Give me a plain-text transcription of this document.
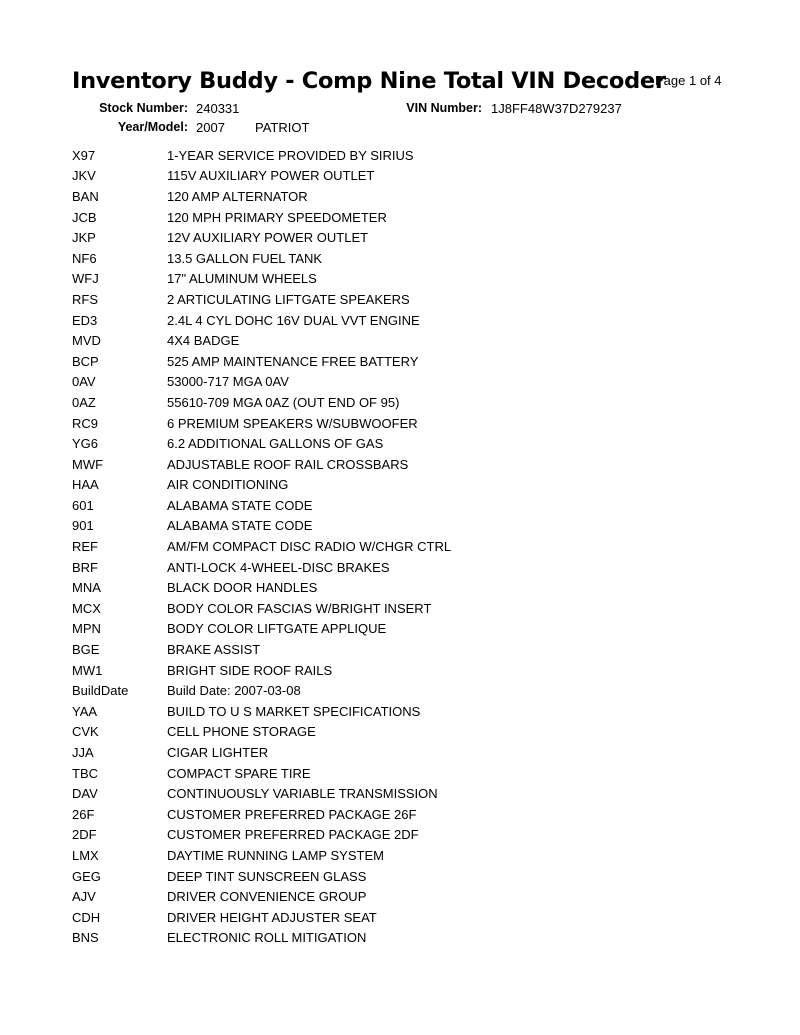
Inventory Buddy - Comp Nine Total VIN Decoder
Page 1 of 4
Stock Number: 240331	VIN Number: 1J8FF48W37D279237
Year/Model: 2007 PATRIOT
X97	1-YEAR SERVICE PROVIDED BY SIRIUS
JKV	115V AUXILIARY POWER OUTLET
BAN	120 AMP ALTERNATOR
JCB	120 MPH PRIMARY SPEEDOMETER
JKP	12V AUXILIARY POWER OUTLET
NF6	13.5 GALLON FUEL TANK
WFJ	17" ALUMINUM WHEELS
RFS	2 ARTICULATING LIFTGATE SPEAKERS
ED3	2.4L 4 CYL DOHC 16V DUAL VVT ENGINE
MVD	4X4 BADGE
BCP	525 AMP MAINTENANCE FREE BATTERY
0AV	53000-717 MGA 0AV
0AZ	55610-709 MGA 0AZ (OUT END OF 95)
RC9	6 PREMIUM SPEAKERS W/SUBWOOFER
YG6	6.2 ADDITIONAL GALLONS OF GAS
MWF	ADJUSTABLE ROOF RAIL CROSSBARS
HAA	AIR CONDITIONING
601	ALABAMA STATE CODE
901	ALABAMA STATE CODE
REF	AM/FM COMPACT DISC RADIO W/CHGR CTRL
BRF	ANTI-LOCK 4-WHEEL-DISC BRAKES
MNA	BLACK DOOR HANDLES
MCX	BODY COLOR FASCIAS W/BRIGHT INSERT
MPN	BODY COLOR LIFTGATE APPLIQUE
BGE	BRAKE ASSIST
MW1	BRIGHT SIDE ROOF RAILS
BuildDate	Build Date: 2007-03-08
YAA	BUILD TO U S MARKET SPECIFICATIONS
CVK	CELL PHONE STORAGE
JJA	CIGAR LIGHTER
TBC	COMPACT SPARE TIRE
DAV	CONTINUOUSLY VARIABLE TRANSMISSION
26F	CUSTOMER PREFERRED PACKAGE 26F
2DF	CUSTOMER PREFERRED PACKAGE 2DF
LMX	DAYTIME RUNNING LAMP SYSTEM
GEG	DEEP TINT SUNSCREEN GLASS
AJV	DRIVER CONVENIENCE GROUP
CDH	DRIVER HEIGHT ADJUSTER SEAT
BNS	ELECTRONIC ROLL MITIGATION
